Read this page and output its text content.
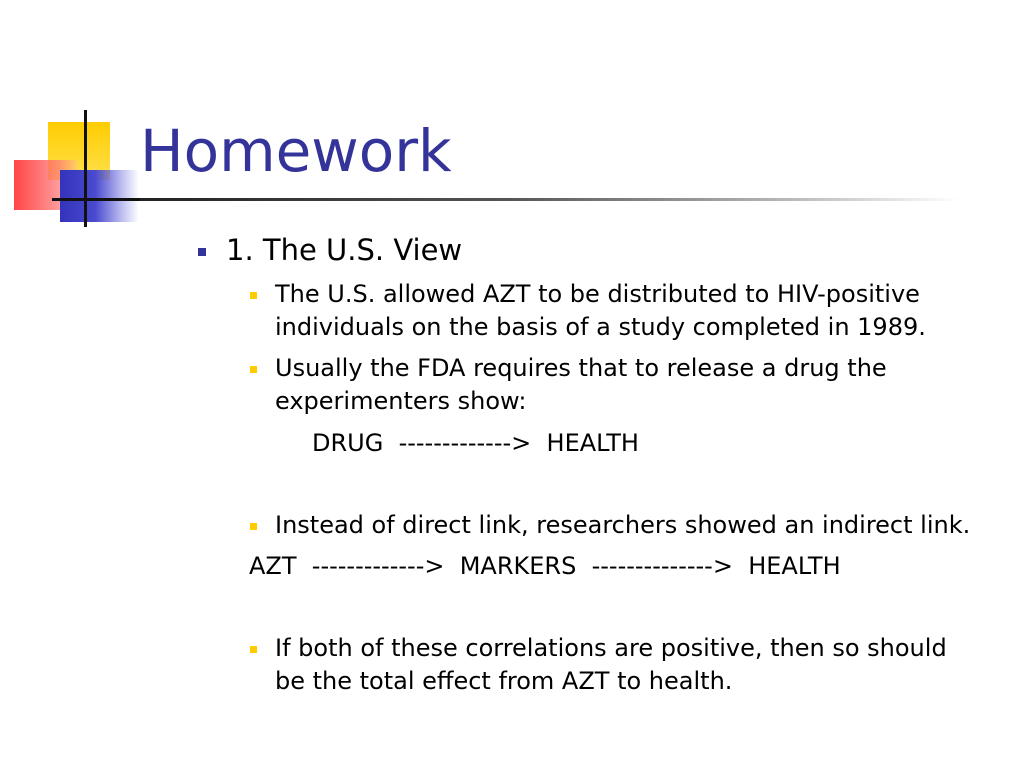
Homework
1. The U.S. View
The U.S. allowed AZT to be distributed to HIV-positive individuals on the basis of a study completed in 1989.
Usually the FDA requires that to release a drug the experimenters show:
DRUG  ------------->  HEALTH
Instead of direct link, researchers showed an indirect link.
AZT  ------------->  MARKERS  -------------->  HEALTH
If both of these correlations are positive, then so should be the total effect from AZT to health.
